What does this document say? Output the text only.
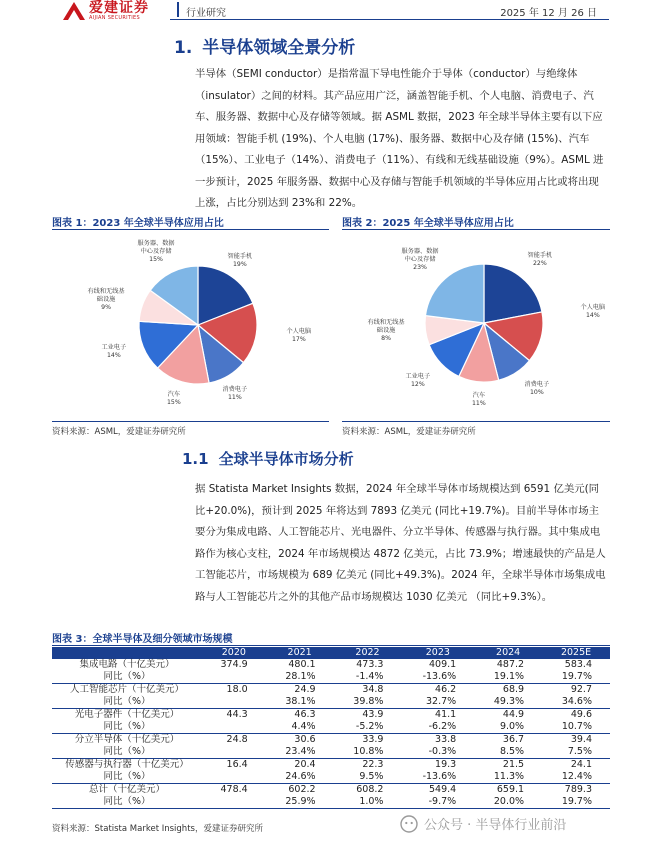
爱建证券
AIJIAN SECURITIES	行业研究	2025 年 12 月 26 日
1. 半导体领域全景分析
半导体（SEMI conductor）是指常温下导电性能介于导体（conductor）与绝缘体（insulator）之间的材料。其产品应用广泛，涵盖智能手机、个人电脑、消费电子、汽车、服务器、数据中心及存储等领域。据 ASML 数据，2023 年全球半导体主要有以下应用领域：智能手机 (19%)、个人电脑 (17%)、服务器、数据中心及存储 (15%)、汽车（15%）、工业电子（14%）、消费电子（11%）、有线和无线基础设施（9%）。ASML 进一步预计，2025 年服务器、数据中心及存储与智能手机领域的半导体应用占比或将出现上涨，占比分别达到 23%和 22%。
图表 1：2023 年全球半导体应用占比
智能手机
19%
个人电脑
17%
消费电子
11%
汽车
15%
工业电子
14%
有线和无线基
础设施
9%
服务器、数据
中心及存储
15%
资料来源：ASML，爱建证券研究所
图表 2：2025 年全球半导体应用占比
智能手机
22%
个人电脑
14%
消费电子
10%
汽车
11%
工业电子
12%
有线和无线基
础设施
8%
服务器、数据
中心及存储
23%
资料来源：ASML，爱建证券研究所
1.1 全球半导体市场分析
据 Statista Market Insights 数据，2024 年全球半导体市场规模达到 6591 亿美元(同比+20.0%)，预计到 2025 年将达到 7893 亿美元 (同比+19.7%)。目前半导体市场主要分为集成电路、人工智能芯片、光电器件、分立半导体、传感器与执行器。其中集成电路作为核心支柱，2024 年市场规模达 4872 亿美元，占比 73.9%；增速最快的产品是人工智能芯片，市场规模为 689 亿美元 (同比+49.3%)。2024 年，全球半导体市场集成电路与人工智能芯片之外的其他产品市场规模达 1030 亿美元 （同比+9.3%）。
图表 3：全球半导体及细分领域市场规模
	2020	2021	2022	2023	2024	2025E
集成电路（十亿美元）	374.9	480.1	473.3	409.1	487.2	583.4
同比（%）		28.1%	-1.4%	-13.6%	19.1%	19.7%
人工智能芯片（十亿美元）	18.0	24.9	34.8	46.2	68.9	92.7
同比（%）		38.1%	39.8%	32.7%	49.3%	34.6%
光电子器件（十亿美元）	44.3	46.3	43.9	41.1	44.9	49.6
同比（%）		4.4%	-5.2%	-6.2%	9.0%	10.7%
分立半导体（十亿美元）	24.8	30.6	33.9	33.8	36.7	39.4
同比（%）		23.4%	10.8%	-0.3%	8.5%	7.5%
传感器与执行器（十亿美元）	16.4	20.4	22.3	19.3	21.5	24.1
同比（%）		24.6%	9.5%	-13.6%	11.3%	12.4%
总计（十亿美元）	478.4	602.2	608.2	549.4	659.1	789.3
同比（%）		25.9%	1.0%	-9.7%	20.0%	19.7%
资料来源：Statista Market Insights，爱建证券研究所	公众号 · 半导体行业前沿
